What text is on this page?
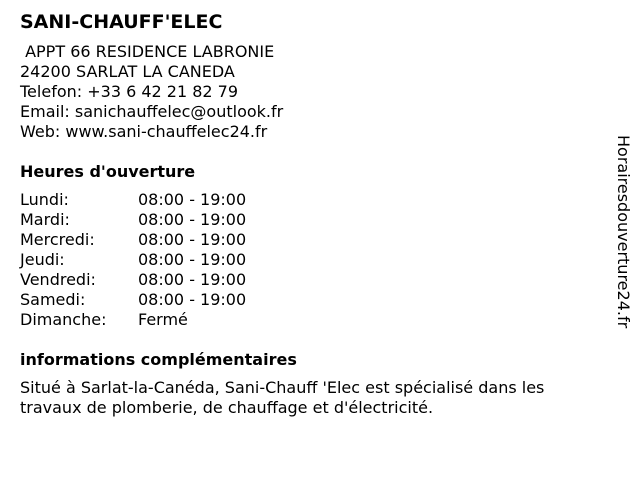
SANI-CHAUFF'ELEC
APPT 66 RESIDENCE LABRONIE
24200 SARLAT LA CANEDA
Telefon: +33 6 42 21 82 79
Email: sanichauffelec@outlook.fr
Web: www.sani-chauffelec24.fr
Heures d'ouverture
Lundi:	08:00 - 19:00
Mardi:	08:00 - 19:00
Mercredi:	08:00 - 19:00
Jeudi:	08:00 - 19:00
Vendredi:	08:00 - 19:00
Samedi:	08:00 - 19:00
Dimanche:	Fermé
informations complémentaires
Situé à Sarlat-la-Canéda, Sani-Chauff 'Elec est spécialisé dans les travaux de plomberie, de chauffage et d'électricité.
Horairesdouverture24.fr
